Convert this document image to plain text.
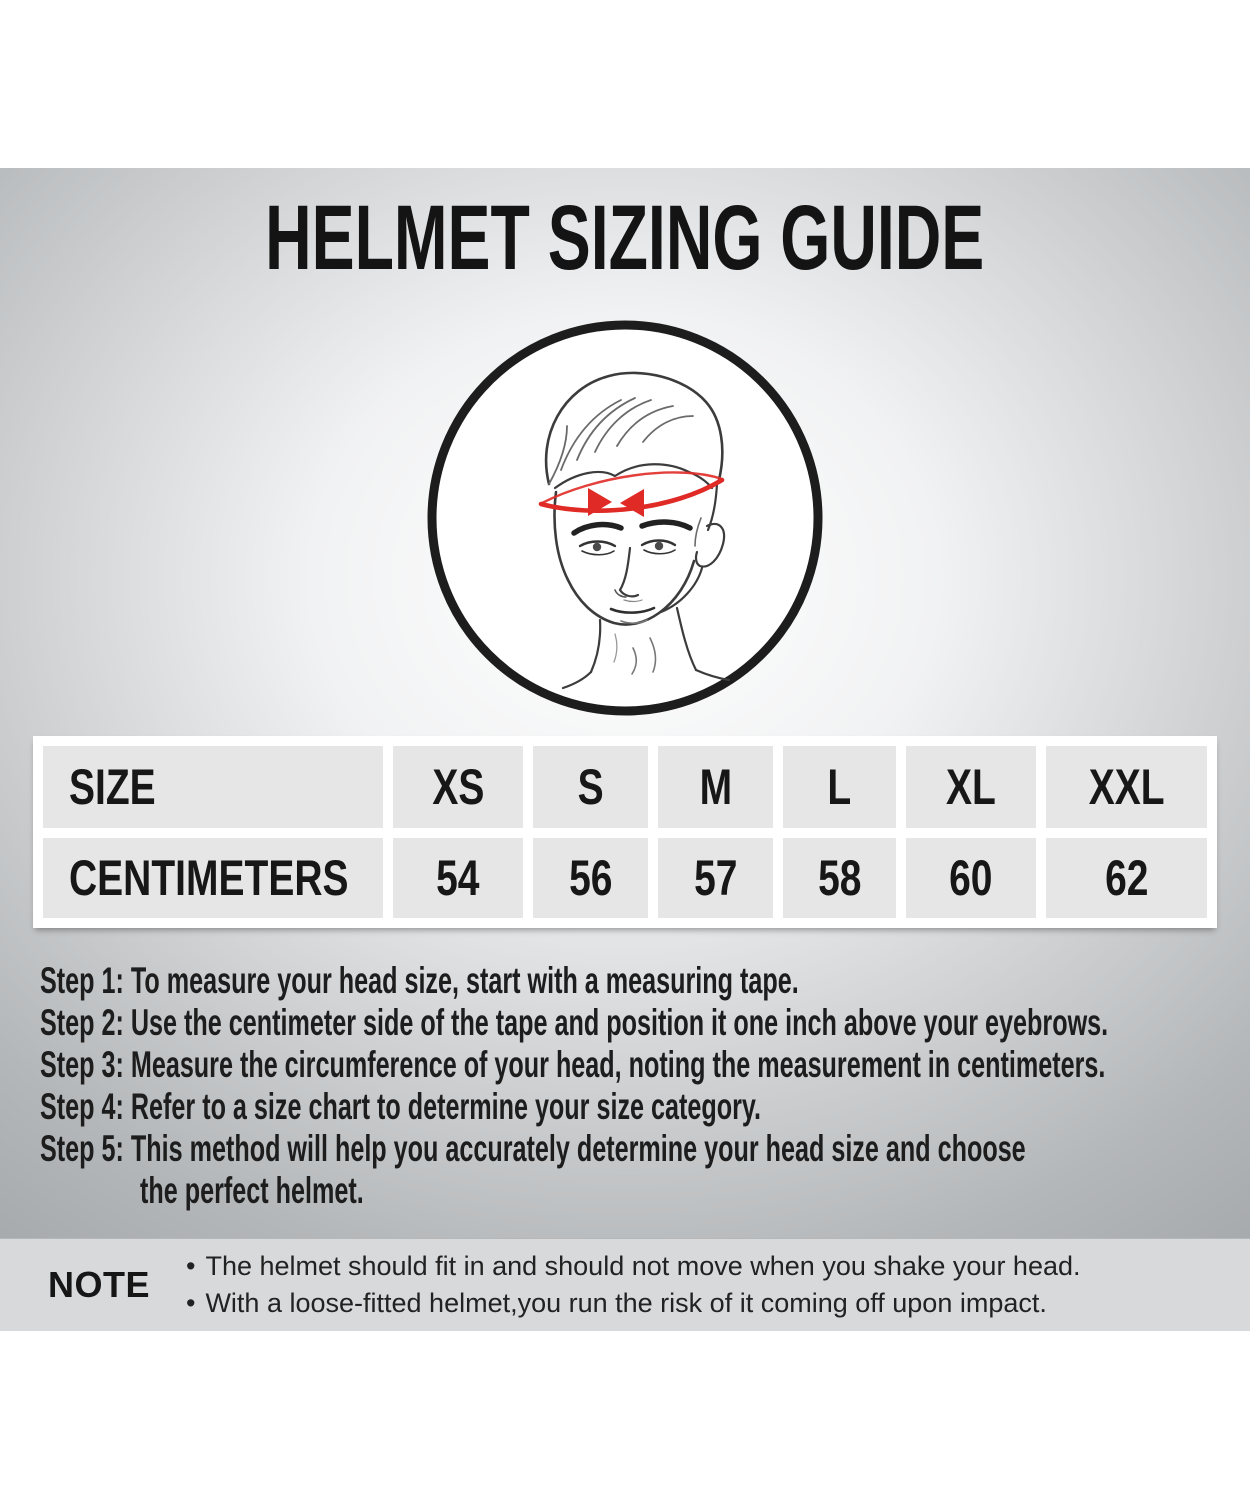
HELMET SIZING GUIDE
SIZE	XS	S	M	L	XL	XXL
CENTIMETERS	54	56	57	58	60	62
Step 1: To measure your head size, start with a measuring tape.
Step 2: Use the centimeter side of the tape and position it one inch above your eyebrows.
Step 3: Measure the circumference of your head, noting the measurement in centimeters.
Step 4: Refer to a size chart to determine your size category.
Step 5: This method will help you accurately determine your head size and choose
the perfect helmet.
NOTE	• The helmet should fit in and should not move when you shake your head.
• With a loose-fitted helmet,you run the risk of it coming off upon impact.
